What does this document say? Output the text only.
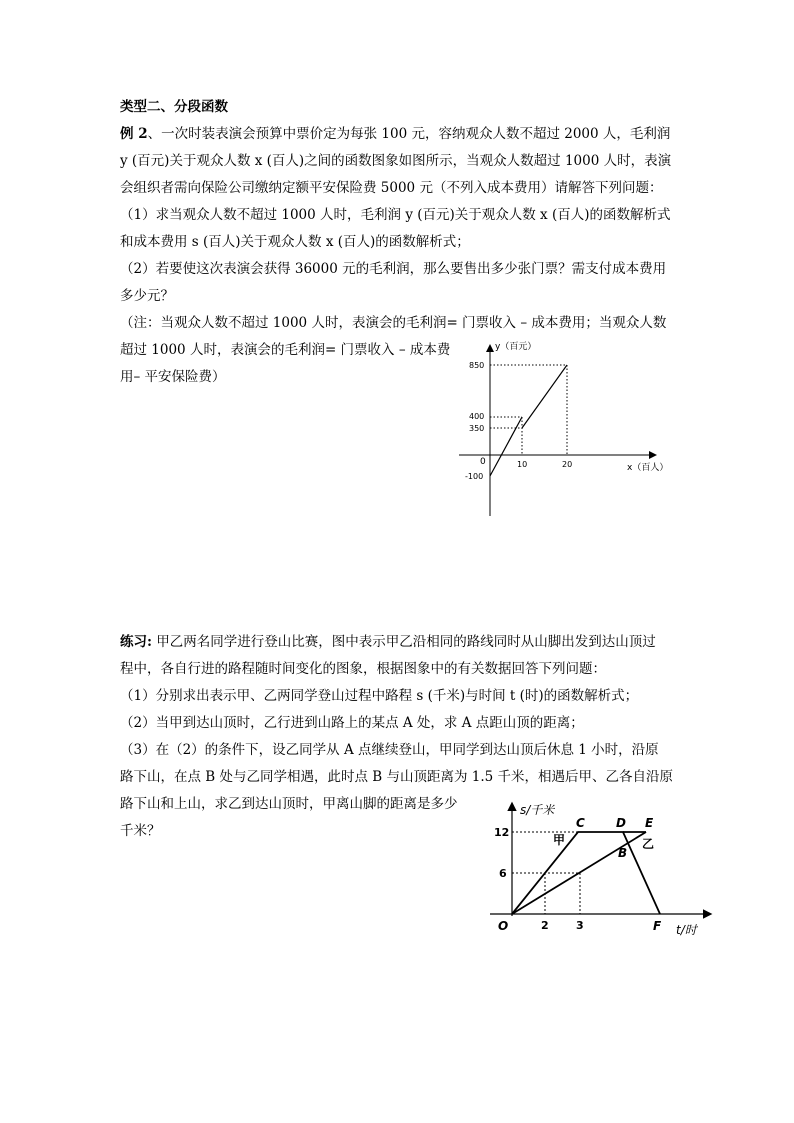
类型二、分段函数
例 2、一次时装表演会预算中票价定为每张 100 元，容纳观众人数不超过 2000 人，毛利润
y (百元)关于观众人数 x (百人)之间的函数图象如图所示，当观众人数超过 1000 人时，表演
会组织者需向保险公司缴纳定额平安保险费 5000 元（不列入成本费用）请解答下列问题：
（1）求当观众人数不超过 1000 人时，毛利润 y (百元)关于观众人数 x (百人)的函数解析式
和成本费用 s (百人)关于观众人数 x (百人)的函数解析式；
（2）若要使这次表演会获得 36000 元的毛利润，那么要售出多少张门票？需支付成本费用
多少元？
（注：当观众人数不超过 1000 人时，表演会的毛利润= 门票收入 – 成本费用；当观众人数
超过 1000 人时，表演会的毛利润= 门票收入 – 成本费
用– 平安保险费）
y（百元）
x（百人）
0
850
400
350
-100
10	20
练习: 甲乙两名同学进行登山比赛，图中表示甲乙沿相同的路线同时从山脚出发到达山顶过
程中，各自行进的路程随时间变化的图象，根据图象中的有关数据回答下列问题：
（1）分别求出表示甲、乙两同学登山过程中路程 s (千米)与时间 t (时)的函数解析式；
（2）当甲到达山顶时，乙行进到山路上的某点 A 处，求 A 点距山顶的距离；
（3）在（2）的条件下，设乙同学从 A 点继续登山，甲同学到达山顶后休息 1 小时，沿原
路下山，在点 B 处与乙同学相遇，此时点 B 与山顶距离为 1.5 千米，相遇后甲、乙各自沿原
路下山和上山，求乙到达山顶时，甲离山脚的距离是多少
千米？
s/千米
t/时
O
12
6
2 3
C	D E
B
F
甲	乙
